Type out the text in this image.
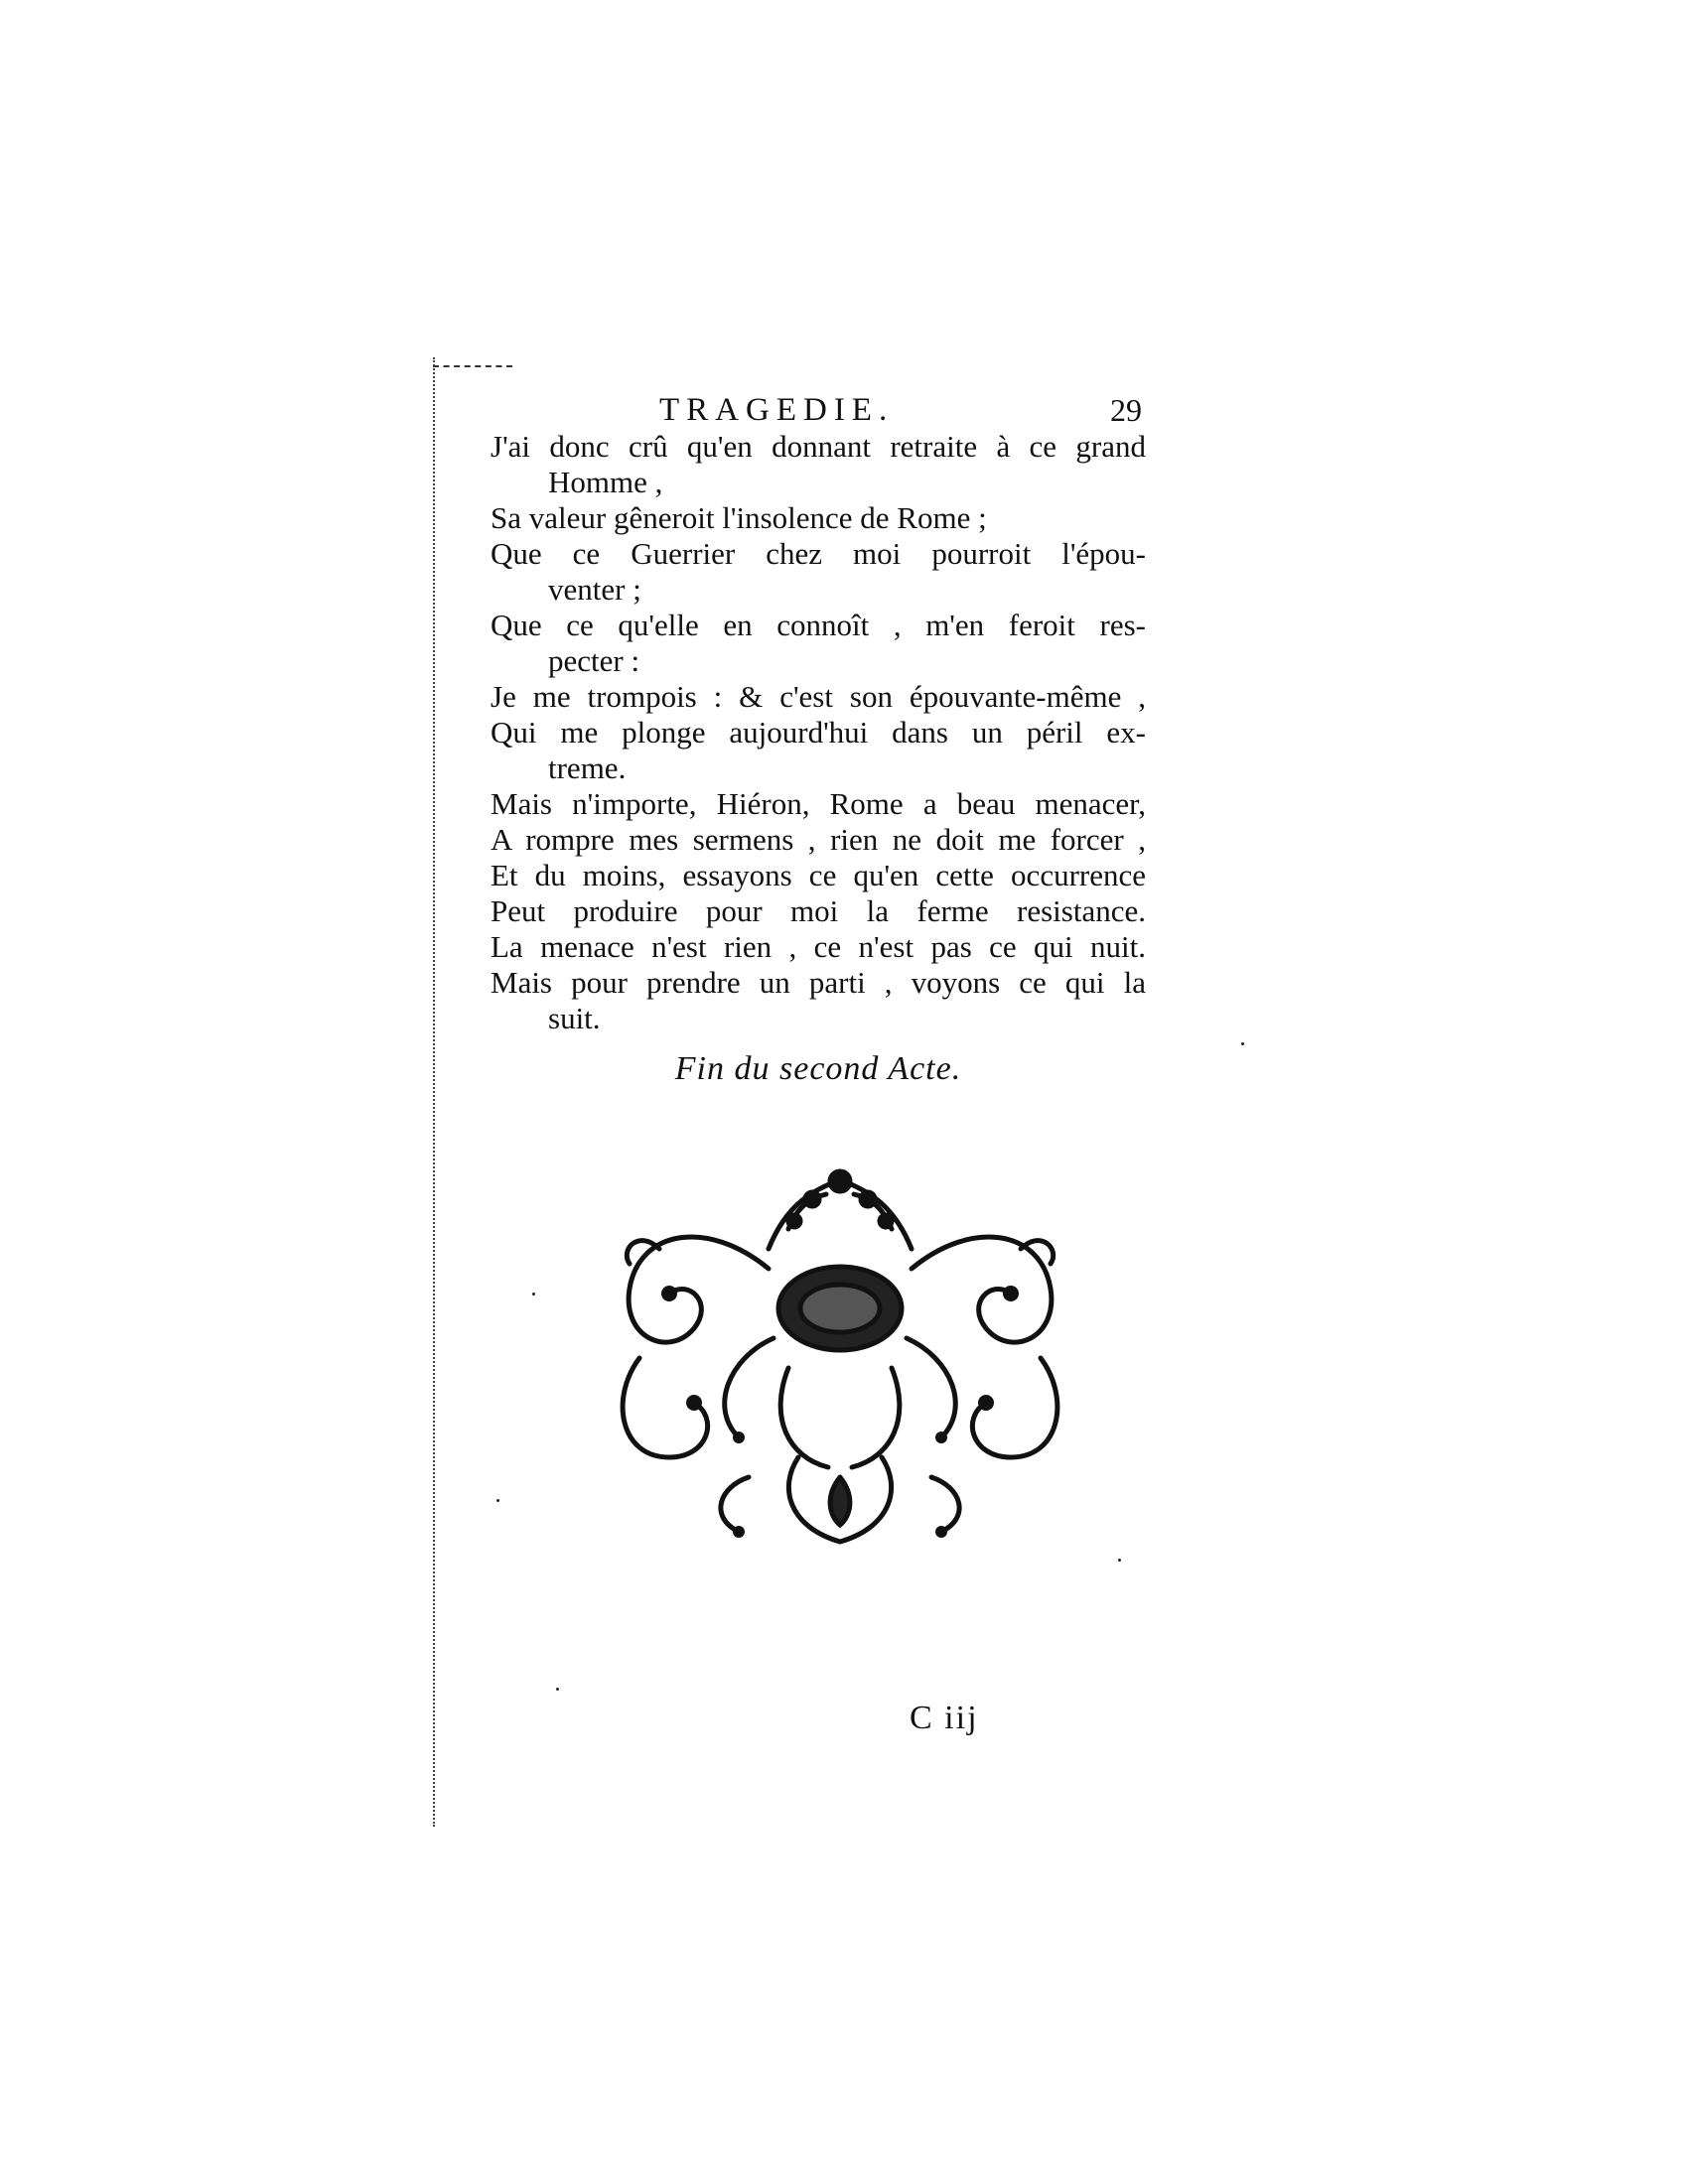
TRAGEDIE.	29
J'ai donc crû qu'en donnant retraite à ce grand
Homme ,
Sa valeur gêneroit l'insolence de Rome ;
Que ce Guerrier chez moi pourroit l'épou-
venter ;
Que ce qu'elle en connoît , m'en feroit res-
pecter :
Je me trompois : & c'est son épouvante-même ,
Qui me plonge aujourd'hui dans un péril ex-
treme.
Mais n'importe, Hiéron, Rome a beau menacer,
A rompre mes sermens , rien ne doit me forcer ,
Et du moins, essayons ce qu'en cette occurrence
Peut produire pour moi la ferme resistance.
La menace n'est rien , ce n'est pas ce qui nuit.
Mais pour prendre un parti , voyons ce qui la
suit.
Fin du second Acte.
C iij
